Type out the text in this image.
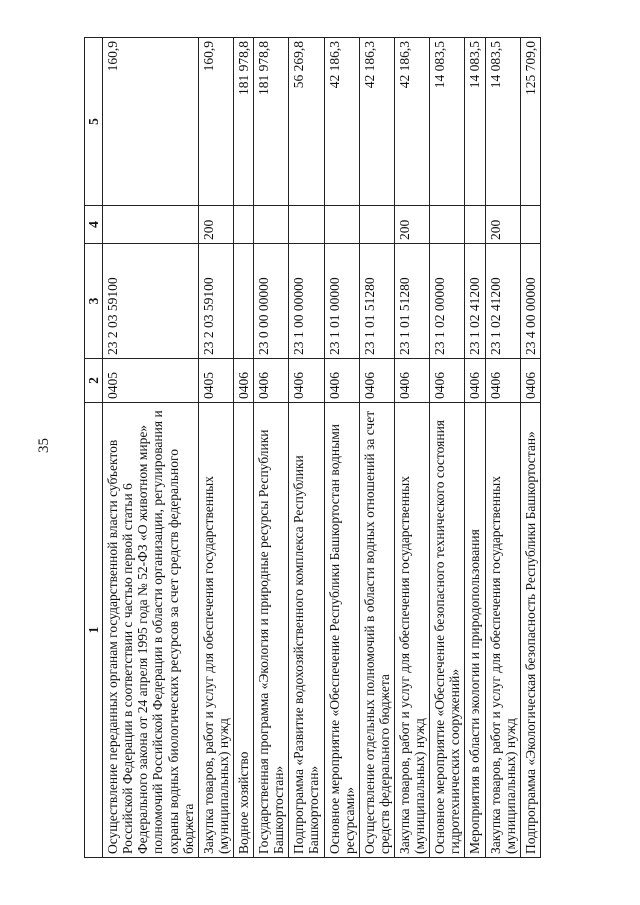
35
1	2	3	4	5
Осуществление переданных органам государственной власти субъектов Российской Федерации в соответствии с частью первой статьи 6 Федерального закона от 24 апреля 1995 года № 52-ФЗ «О животном мире» полномочий Российской Федерации в области организации, регулирования и охраны водных биологических ресурсов за счет средств федерального бюджета	0405	23 2 03 59100		160,9
Закупка товаров, работ и услуг для обеспечения государственных (муниципальных) нужд	0405	23 2 03 59100	200	160,9
Водное хозяйство	0406			181 978,8
Государственная программа «Экология и природные ресурсы Республики Башкортостан»	0406	23 0 00 00000		181 978,8
Подпрограмма «Развитие водохозяйственного комплекса Республики Башкортостан»	0406	23 1 00 00000		56 269,8
Основное мероприятие «Обеспечение Республики Башкортостан водными ресурсами»	0406	23 1 01 00000		42 186,3
Осуществление отдельных полномочий в области водных отношений за счет средств федерального бюджета	0406	23 1 01 51280		42 186,3
Закупка товаров, работ и услуг для обеспечения государственных (муниципальных) нужд	0406	23 1 01 51280	200	42 186,3
Основное мероприятие «Обеспечение безопасного технического состояния гидротехнических сооружений»	0406	23 1 02 00000		14 083,5
Мероприятия в области экологии и природопользования	0406	23 1 02 41200		14 083,5
Закупка товаров, работ и услуг для обеспечения государственных (муниципальных) нужд	0406	23 1 02 41200	200	14 083,5
Подпрограмма «Экологическая безопасность Республики Башкортостан»	0406	23 4 00 00000		125 709,0
